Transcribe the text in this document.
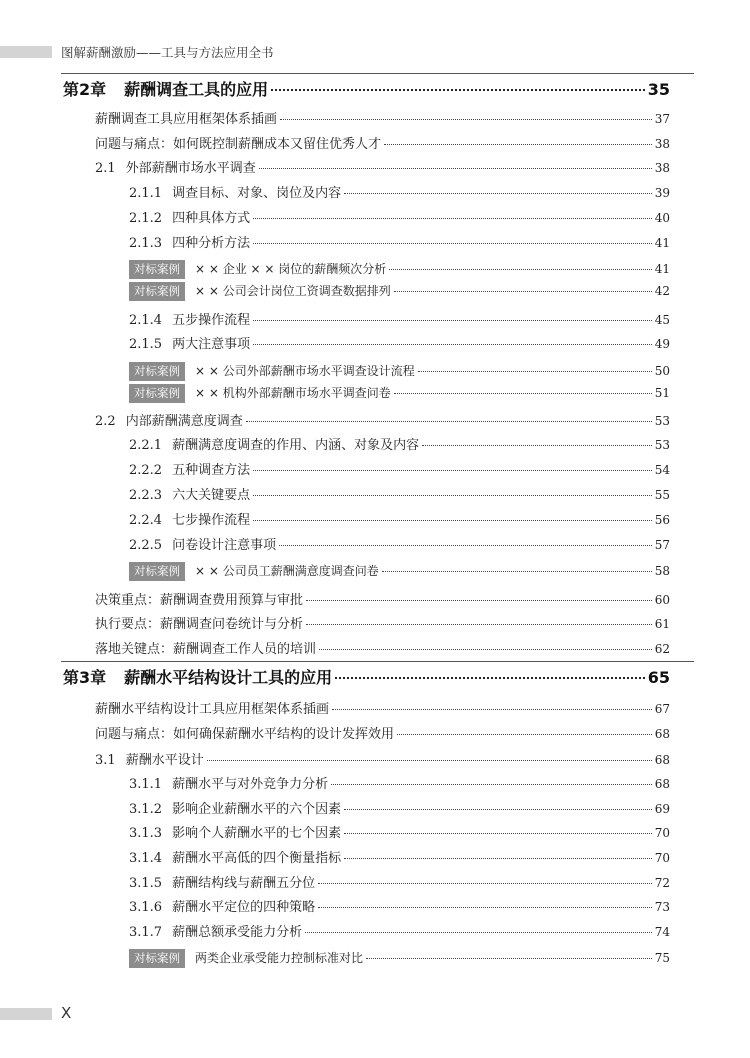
图解薪酬激励——工具与方法应用全书
第2章 薪酬调查工具的应用	35
薪酬调查工具应用框架体系插画	37
问题与痛点：如何既控制薪酬成本又留住优秀人才	38
2.1 外部薪酬市场水平调查	38
2.1.1 调查目标、对象、岗位及内容	39
2.1.2 四种具体方式	40
2.1.3 四种分析方法	41
对标案例	× × 企业 × × 岗位的薪酬频次分析	41
对标案例	× × 公司会计岗位工资调查数据排列	42
2.1.4 五步操作流程	45
2.1.5 两大注意事项	49
对标案例	× × 公司外部薪酬市场水平调查设计流程	50
对标案例	× × 机构外部薪酬市场水平调查问卷	51
2.2 内部薪酬满意度调查	53
2.2.1 薪酬满意度调查的作用、内涵、对象及内容	53
2.2.2 五种调查方法	54
2.2.3 六大关键要点	55
2.2.4 七步操作流程	56
2.2.5 问卷设计注意事项	57
对标案例	× × 公司员工薪酬满意度调查问卷	58
决策重点：薪酬调查费用预算与审批	60
执行要点：薪酬调查问卷统计与分析	61
落地关键点：薪酬调查工作人员的培训	62
第3章 薪酬水平结构设计工具的应用	65
薪酬水平结构设计工具应用框架体系插画	67
问题与痛点：如何确保薪酬水平结构的设计发挥效用	68
3.1 薪酬水平设计	68
3.1.1 薪酬水平与对外竞争力分析	68
3.1.2 影响企业薪酬水平的六个因素	69
3.1.3 影响个人薪酬水平的七个因素	70
3.1.4 薪酬水平高低的四个衡量指标	70
3.1.5 薪酬结构线与薪酬五分位	72
3.1.6 薪酬水平定位的四种策略	73
3.1.7 薪酬总额承受能力分析	74
对标案例	两类企业承受能力控制标准对比	75
X
